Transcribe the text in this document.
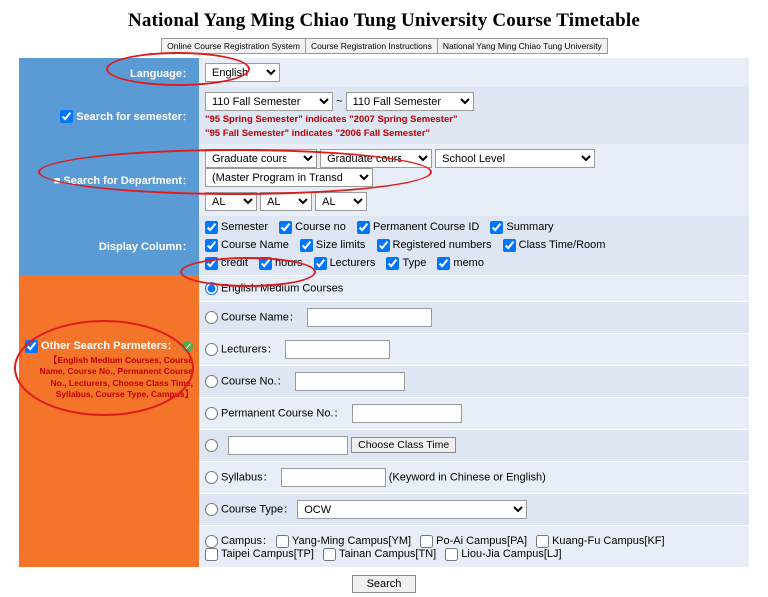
National Yang Ming Chiao Tung University Course Timetable
Online Course Registration System Course Registration Instructions National Yang Ming Chiao Tung University
Language：	
English
Search for semester：	
110 Fall Semester ~
110 Fall Semester
"95 Spring Semester" indicates "2007 Spring Semester"
"95 Fall Semester" indicates "2006 Fall Semester"

■ Search for Department：	
Graduate courses
Graduate courses
School Level
(Master Program in Transdiciplinary L
ALL
ALL
ALL

Display Column：	Semester Course no Permanent Course ID Summary
Course Name Size limits Registered numbers Class Time/Room
credit hours Lecturers Type memo

Other Search Parmeters：
【English Medium Courses, Course Name, Course No., Permanent Course No., Lecturers, Choose Class Time, Syllabus, Course Type, Campus】

English Medium Courses
Course Name：
Lecturers：
Course No.：
Permanent Course No.：
Choose Class Time
Syllabus：	(Keyword in Chinese or English)
Course Type：
OCW
Campus： Yang-Ming Campus[YM] Po-Ai Campus[PA] Kuang-Fu Campus[KF] Taipei Campus[TP] Tainan Campus[TN] Liou-Jia Campus[LJ]
Search
